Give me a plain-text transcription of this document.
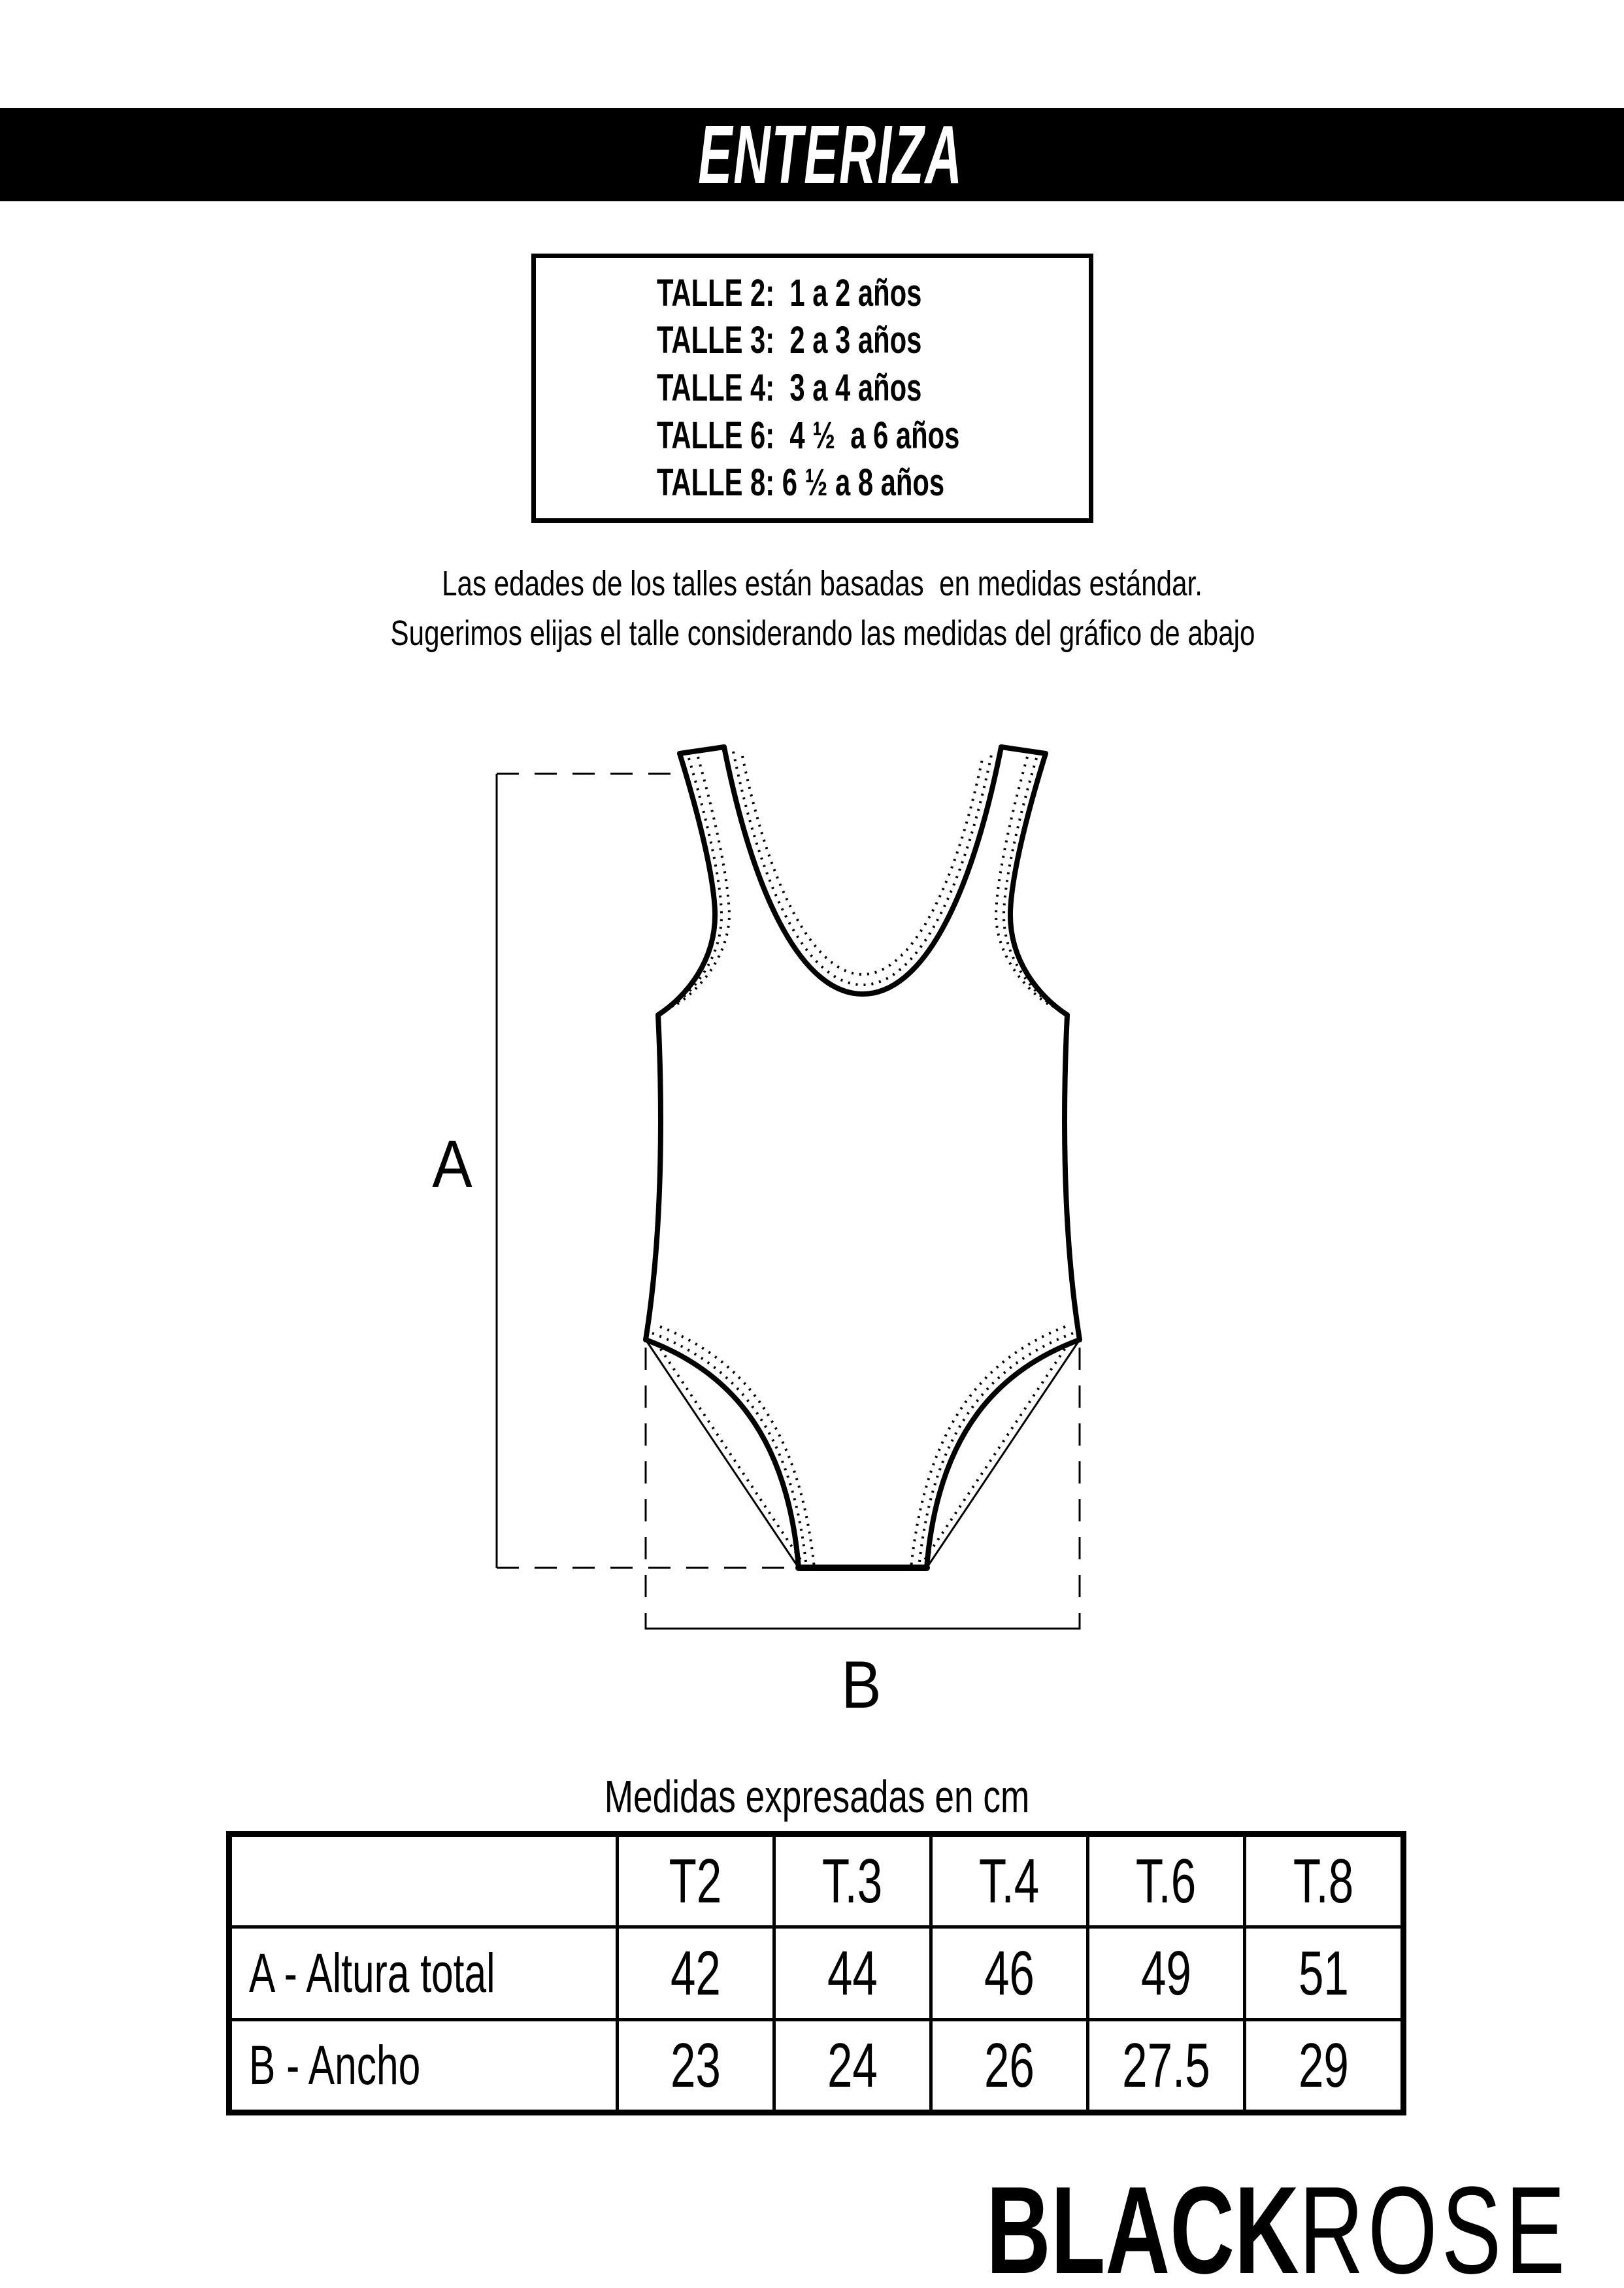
ENTERIZA
TALLE 2:  1 a 2 años
TALLE 3:  2 a 3 años
TALLE 4:  3 a 4 años
TALLE 6:  4 ½  a 6 años
TALLE 8: 6 ½ a 8 años
Las edades de los talles están basadas  en medidas estándar.
Sugerimos elijas el talle considerando las medidas del gráfico de abajo
A
B
Medidas expresadas en cm
	T2	T.3	T.4	T.6	T.8
A - Altura total	42	44	46	49	51
B - Ancho	23	24	26	27.5	29
BLACKROSE
